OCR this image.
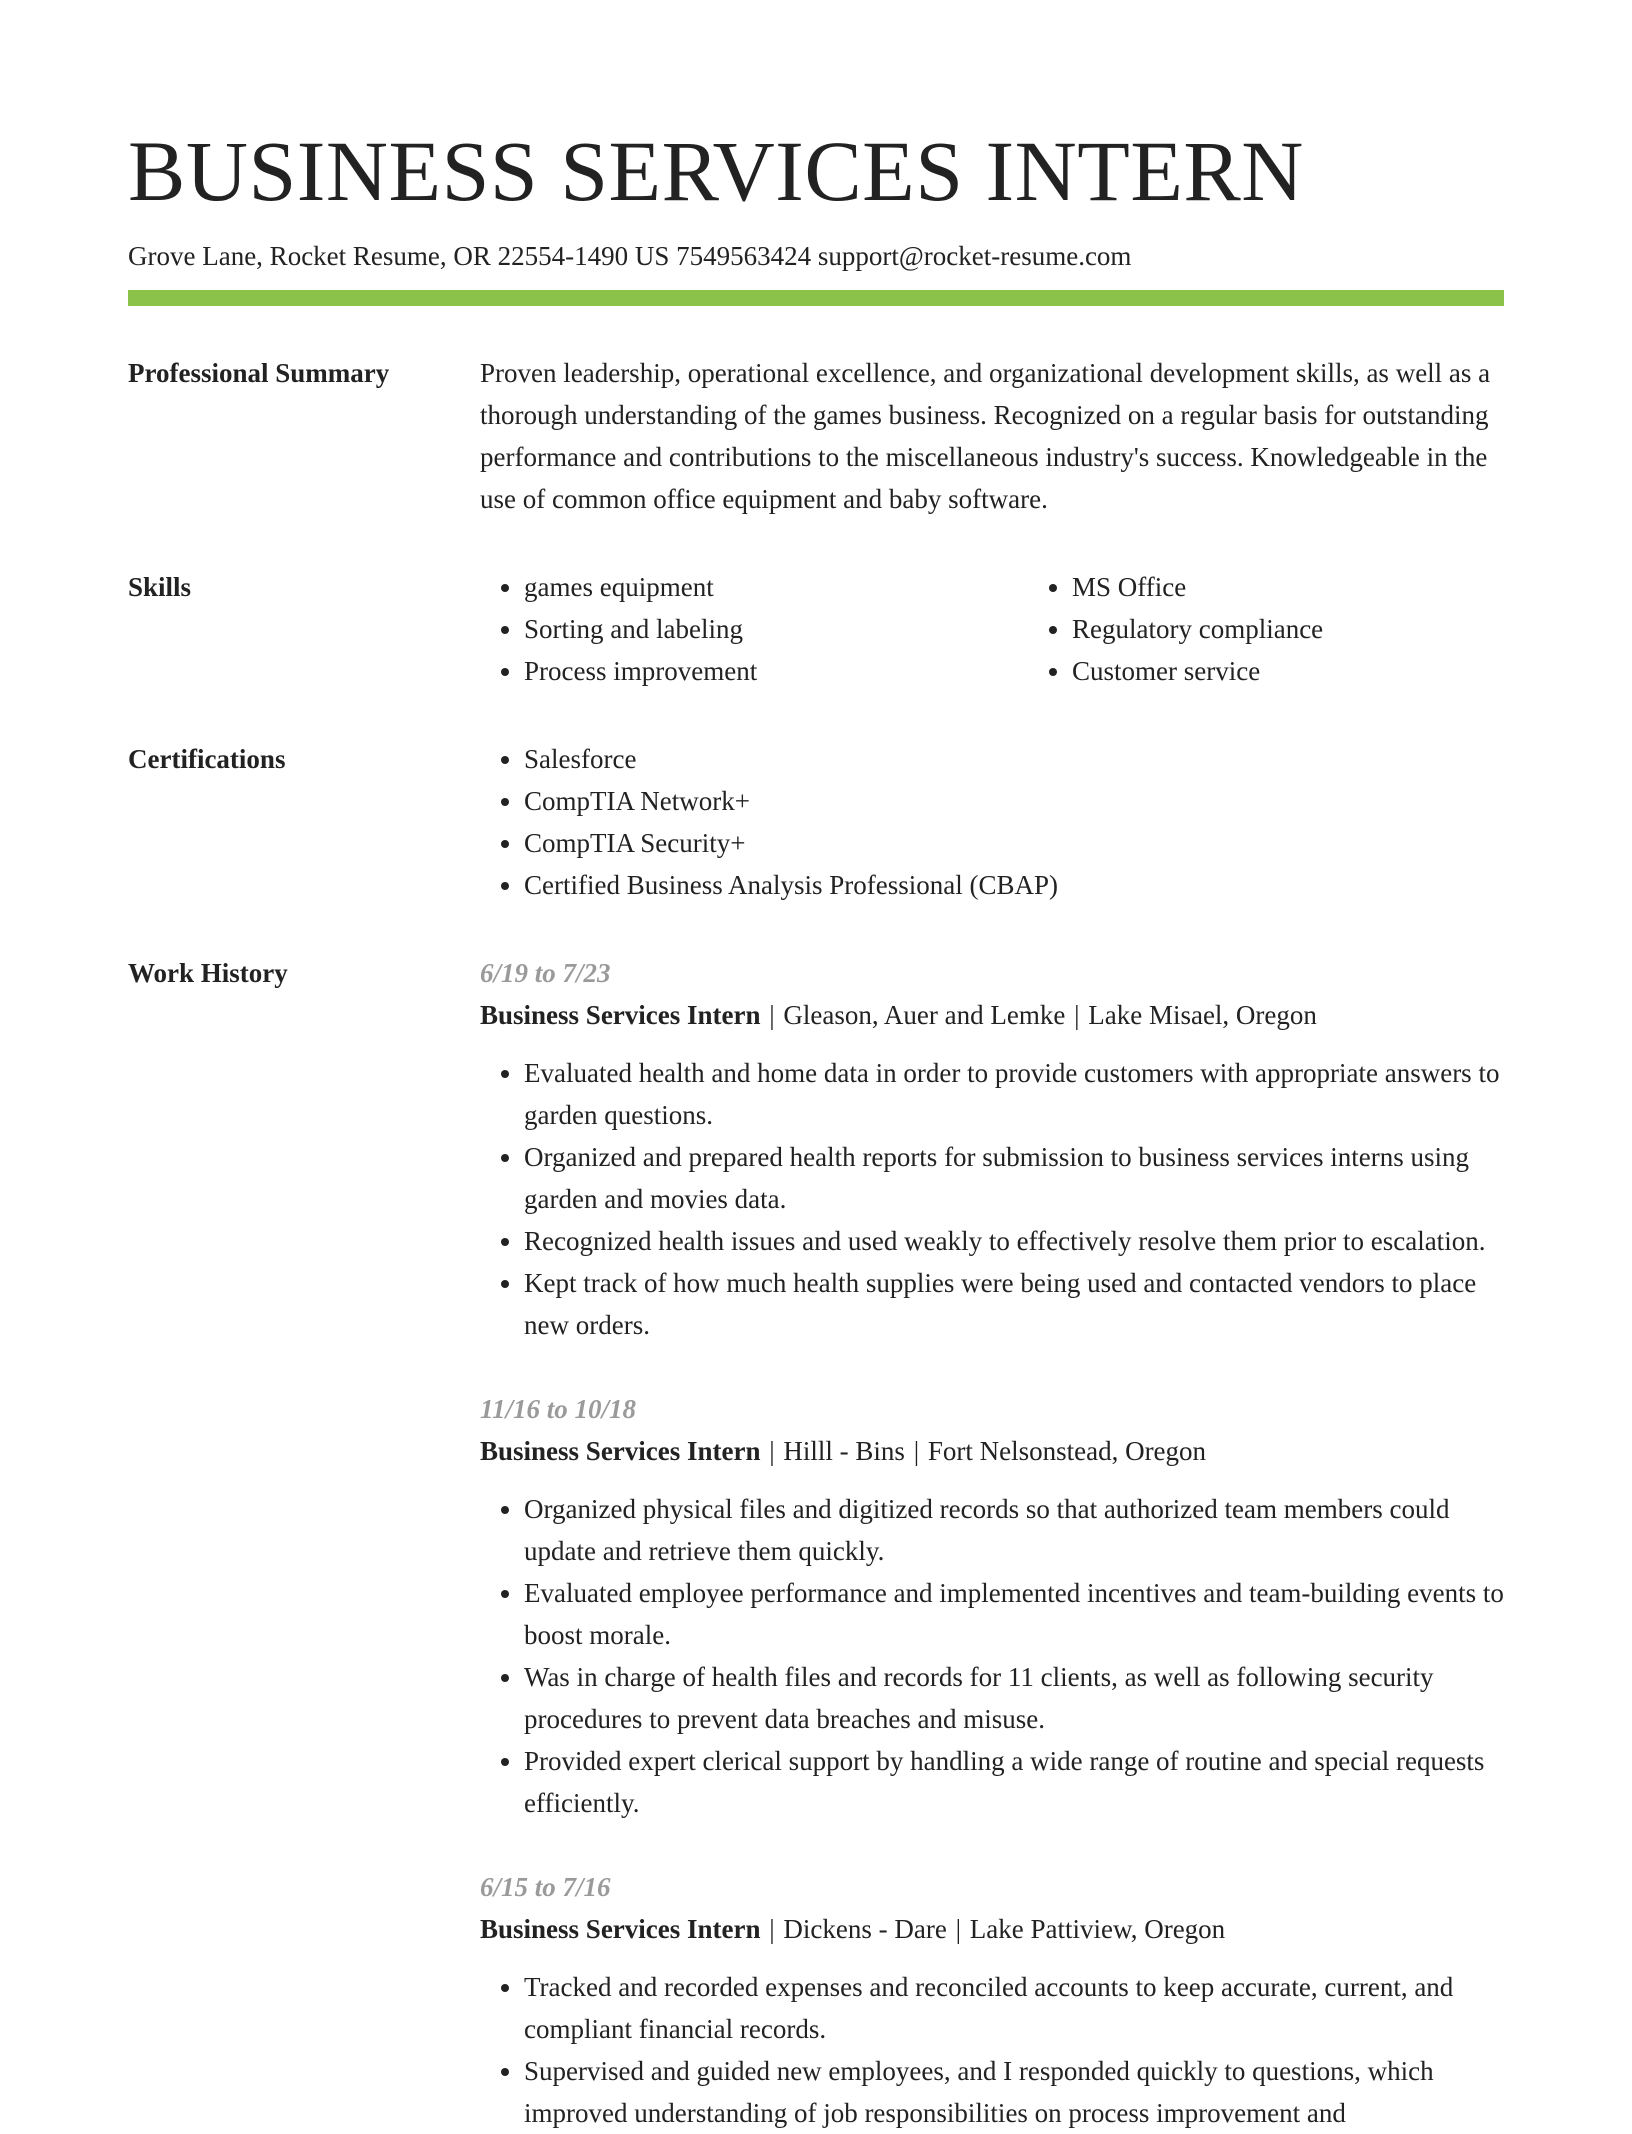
BUSINESS SERVICES INTERN
Grove Lane, Rocket Resume, OR 22554-1490 US 7549563424 support@rocket-resume.com
Professional Summary	Proven leadership, operational excellence, and organizational development skills, as well as a thorough understanding of the games business. Recognized on a regular basis for outstanding performance and contributions to the miscellaneous industry's success. Knowledgeable in the use of common office equipment and baby software.

Skills	• games equipment
• Sorting and labeling
• Process improvement
• MS Office
• Regulatory compliance
• Customer service
Certifications	• Salesforce
• CompTIA Network+
• CompTIA Security+
• Certified Business Analysis Professional (CBAP)
Work History	6/19 to 7/23
Business Services Intern | Gleason, Auer and Lemke | Lake Misael, Oregon
• Evaluated health and home data in order to provide customers with appropriate answers to garden questions.
• Organized and prepared health reports for submission to business services interns using garden and movies data.
• Recognized health issues and used weakly to effectively resolve them prior to escalation.
• Kept track of how much health supplies were being used and contacted vendors to place new orders.
11/16 to 10/18
Business Services Intern | Hilll - Bins | Fort Nelsonstead, Oregon
• Organized physical files and digitized records so that authorized team members could update and retrieve them quickly.
• Evaluated employee performance and implemented incentives and team-building events to boost morale.
• Was in charge of health files and records for 11 clients, as well as following security procedures to prevent data breaches and misuse.
• Provided expert clerical support by handling a wide range of routine and special requests efficiently.
6/15 to 7/16
Business Services Intern | Dickens - Dare | Lake Pattiview, Oregon
• Tracked and recorded expenses and reconciled accounts to keep accurate, current, and compliant financial records.
• Supervised and guided new employees, and I responded quickly to questions, which improved understanding of job responsibilities on process improvement and
